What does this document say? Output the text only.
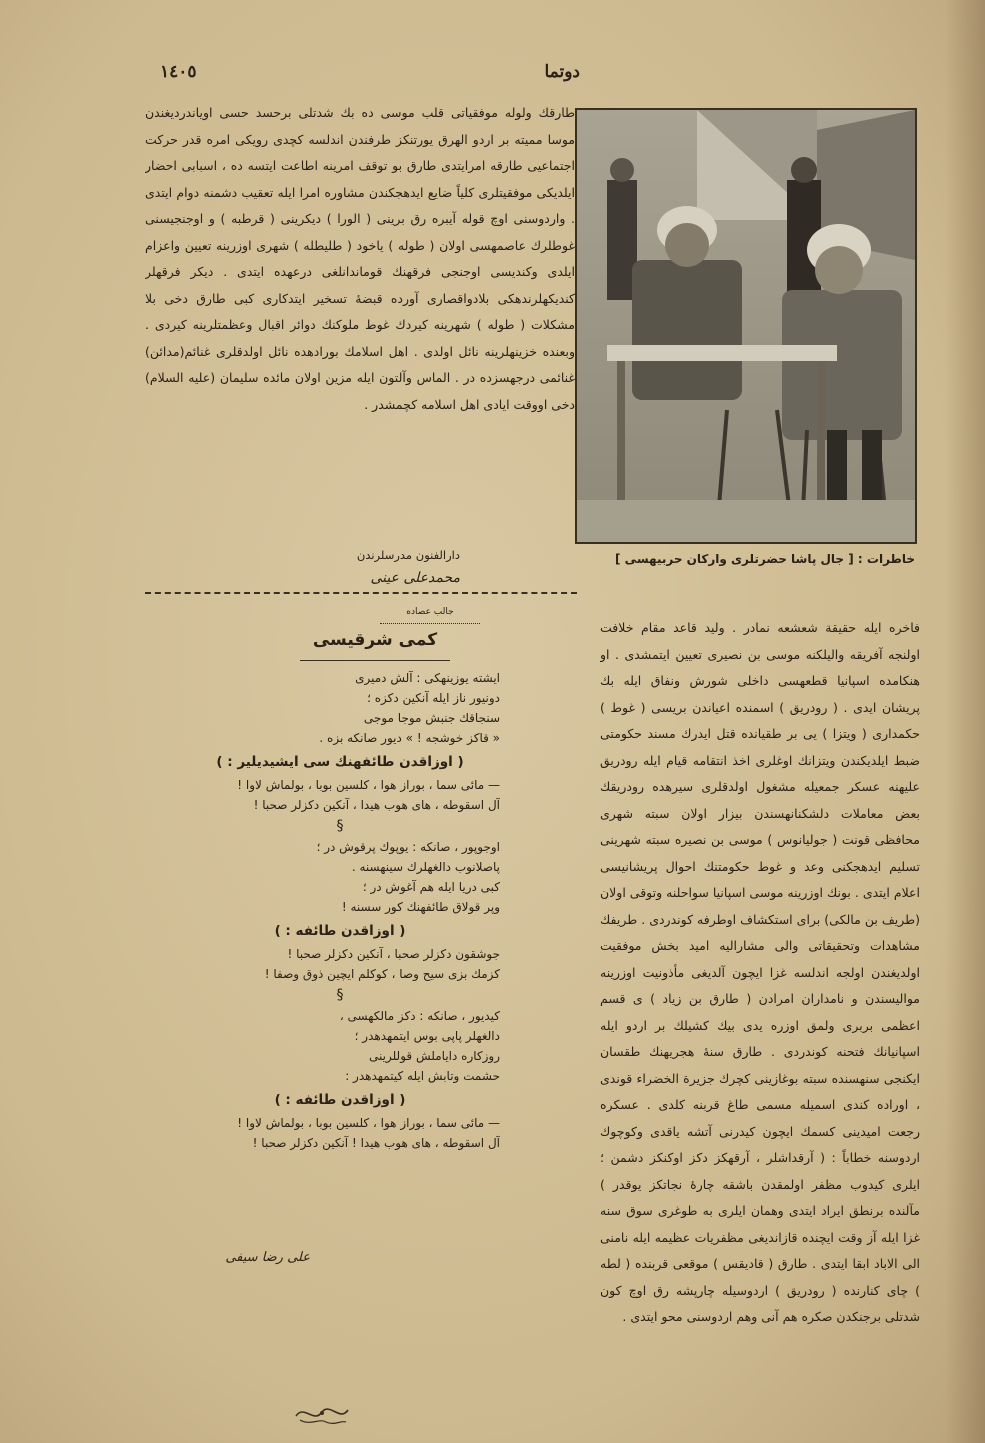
١٤٠٥	دوتما
طارقك ولوله موفقیاتی قلب موسی ده بك شدتلی برحسد حسی اویاندردیغندن موسا ممیته بر اردو الهرق یورتنکز طرفندن اندلسه کچدی رویکی امره قدر حرکت اجتماعیی طارقه امرایتدی طارق بو توقف امرینه اطاعت ایتسه ده ، اسبابی احضار ایلدیکی موفقیتلری کلیاً ضایع ایدهجکندن مشاوره امرا ایله تعقیب دشمنه دوام ایتدی . واردوسنی اوچ قوله آیبره رق برینی ( الورا ) دیکرینی ( قرطبه ) و اوجنجیسنی غوطلرك عاصمهسی اولان ( طوله ) یاخود ( طلیطله ) شهری اوزرینه تعیین واعزام ایلدی وکندیسی اوجنجی فرقهنك قوماندانلغی درعهده ایتدی . دیکر فرقهلر کندیکهلرندهکی بلادواقصاری آورده قبضهٔ تسخیر ایتدکاری کبی طارق دخی بلا مشکلات ( طوله ) شهرینه کیردك غوط ملوکنك دوائر اقبال وعظمتلرینه کیردی . وبعنده خزینهلرینه نائل اولدی . اهل اسلامك بورادهده نائل اولدقلری غنائم(مدائن) غنائمی درجهسزده در . الماس وآلتون ایله مزین اولان مائده سلیمان (علیه السلام) دخی اووقت ایادی اهل اسلامه کچمشدر .
دارالفنون مدرسلرندن
محمدعلی عینی
جالب عصاده
کمی شرقیسی
ایشته یوزینهکی : آلش دمیری
دونیور ناز ایله آنکین دکزه ؛
سنجاقك جنبش موجا موجی
« قاکز خوشجه ! » دیور صانکه بزه .
( اوزاقدن طائفهنك سی ایشیدیلیر : )
— مائی سما ، بوراز هوا ، کلسین بوبا ، بولماش لاوا !
آل اسقوطه ، های هوب هیدا ، آنکین دکزلر صحبا !
§
اوجوپور ، صانکه : یوپوك پرقوش در ؛
پاصلانوب دالغهلرك سینهسنه .
کبی دریا ایله هم آغوش در ؛
وپر قولاق طائفهنك کور سسنه !
( اوزاقدن طائفه : )
جوشقون دکزلر صحبا ، آنکین دکزلر صحبا !
کزمك بزی سیح وصا ، کوکلم ایچین ذوق وصفا !
§
کیدیور ، صانکه : دکز مالکهسی ،
دالغهلر پاپی بوس ایتمهدهدر ؛
روزکاره دایاملش قوللرینی
حشمت وتابش ایله کیتمهدهدر :
( اوزاقدن طائفه : )
— مائی سما ، بوراز هوا ، کلسین بوبا ، بولماش لاوا !
آل اسقوطه ، های هوب هیدا ! آنکین دکزلر صحبا !
علی رضا سیفی
خاطرات : [ جال پاشا حضرتلری وارکان حربیهسی ]
فاخره ایله حقیقة شعشعه نمادر . ولید قاعد مقام خلافت اولنجه آفریقه والیلکنه موسی بن نصیری تعیین ایتمشدی . او هنکامده اسپانیا قطعهسی داخلی شورش ونفاق ایله بك پریشان ایدی . ( رودریق ) اسمنده اعیاندن بریسی ( غوط ) حکمداری ( ویتزا ) یی بر طقیانده قتل ایدرك مسند حکومتی ضبط ایلدیکندن ویتزانك اوغلری اخذ انتقامه قیام ایله رودریق علیهنه عسکر جمعیله مشغول اولدقلری سیرهده رودریقك بعض معاملات دلشکنانهسندن بیزار اولان سبته شهری محافظی قونت ( جولیانوس ) موسی بن نصیره سبته شهرینی تسلیم ایدهجکنی وعد و غوط حکومتنك احوال پریشانیسی اعلام ایتدی . بونك اوزرینه موسی اسپانیا سواحلنه وتوقی اولان (طریف بن مالکی) برای استکشاف اوطرفه کوندردی . طریفك مشاهدات وتحقیقاتی والی مشارالیه امید بخش موفقیت اولدیغندن اولجه اندلسه غزا ایچون آلدیغی مأذونیت اوزرینه موالیسندن و نامداران امرادن ( طارق بن زیاد ) ی قسم اعظمی بربری ولمق اوزره یدی بیك کشیلك بر اردو ایله اسپانیانك فتحنه کوندردی . طارق سنهٔ هجریهنك طقسان ایکنجی سنهسنده سبته بوغازینی کچرك جزیرة الخضراء قوندی ، اوراده کندی اسمیله مسمی طاغ قربنه کلدی . عسکره رجعت امیدینی کسمك ایچون کیدرنی آتشه یاقدی وکوچوك اردوسنه خطاباً : ( آرقداشلر ، آرقهکز دکز اوکنکز دشمن ؛ ایلری کیدوب مظفر اولمقدن باشقه چارهٔ نجاتکز یوقدر ) مآلنده برنطق ایراد ایتدی وهمان ایلری به طوغری سوق سنه غزا ایله آز وقت ایچنده قازاندیغی مظفریات عظیمه ایله نامنی الی الاباد ابقا ایتدی . طارق ( قادیقس ) موقعی قربنده ( لطه ) چای کنارنده ( رودریق ) اردوسیله چارپشه رق اوچ کون شدتلی برجنکدن صکره هم آنی وهم اردوسنی محو ایتدی .
